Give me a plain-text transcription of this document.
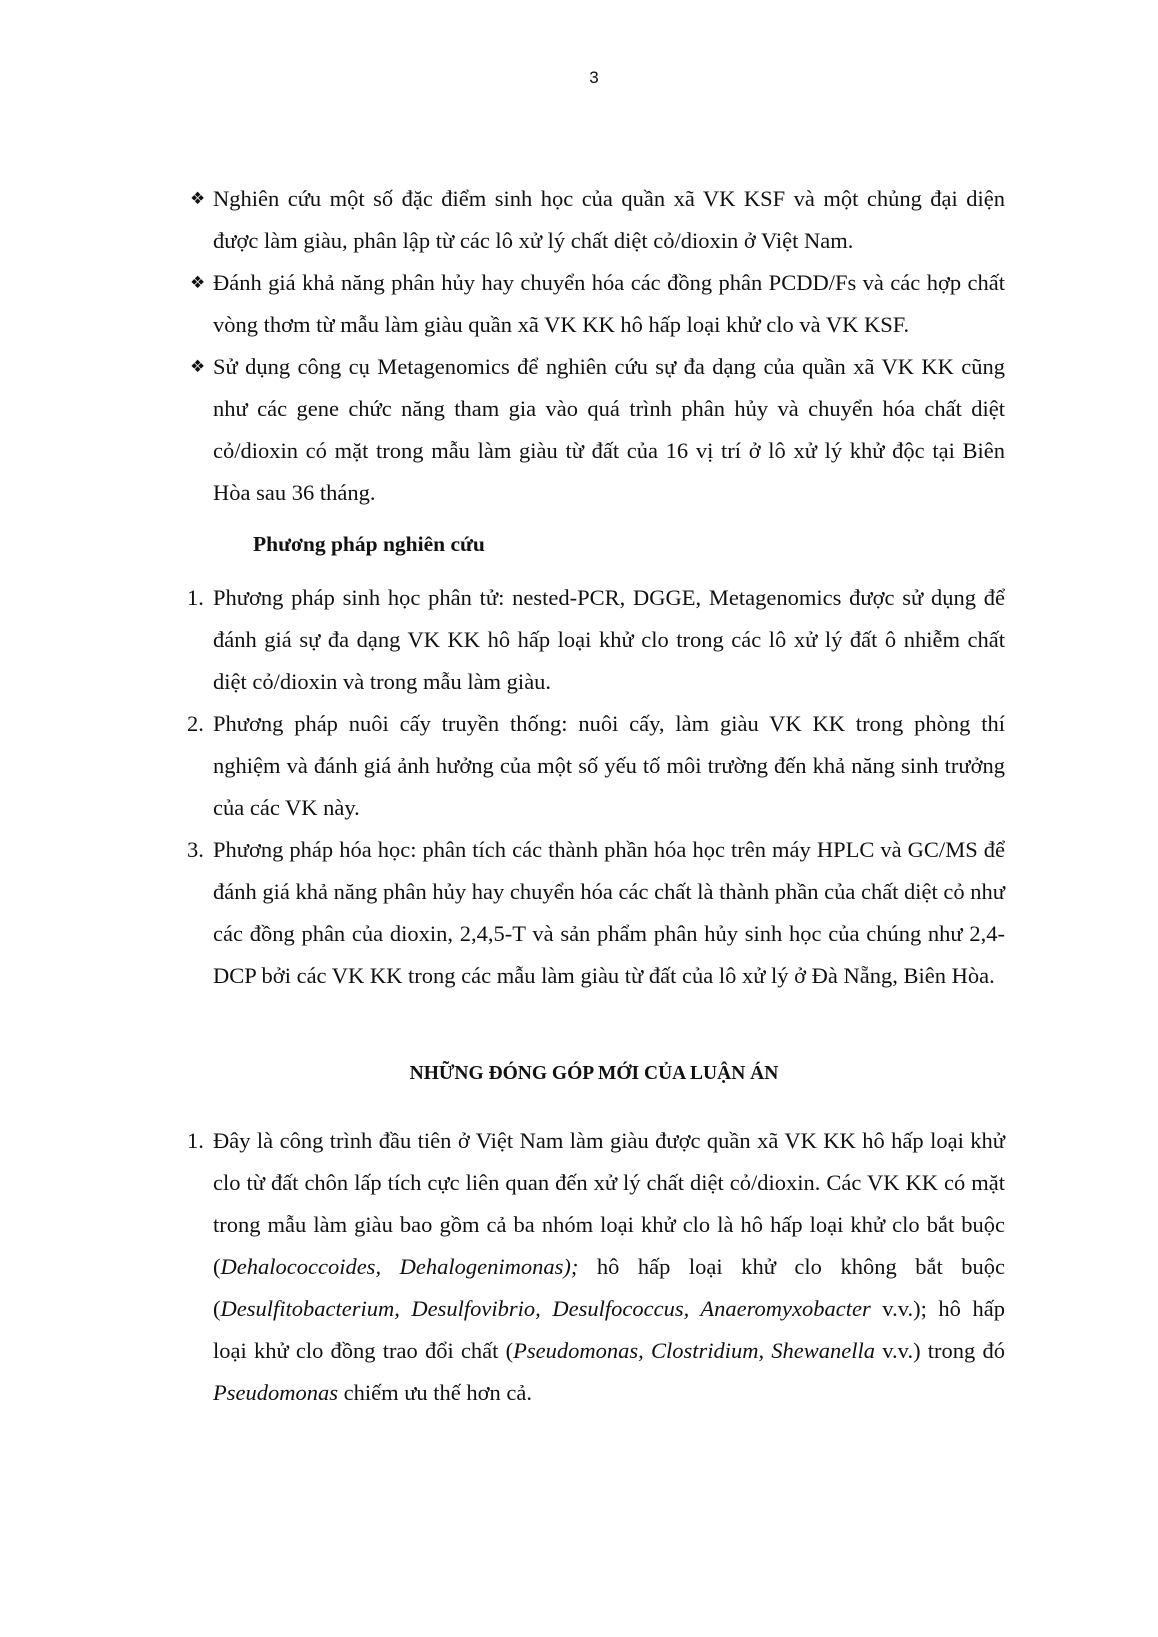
3
❖ Nghiên cứu một số đặc điểm sinh học của quần xã VK KSF và một chủng đại diện được làm giàu, phân lập từ các lô xử lý chất diệt cỏ/dioxin ở Việt Nam.
❖ Đánh giá khả năng phân hủy hay chuyển hóa các đồng phân PCDD/Fs và các hợp chất vòng thơm từ mẫu làm giàu quần xã VK KK hô hấp loại khử clo và VK KSF.
❖ Sử dụng công cụ Metagenomics để nghiên cứu sự đa dạng của quần xã VK KK cũng như các gene chức năng tham gia vào quá trình phân hủy và chuyển hóa chất diệt cỏ/dioxin có mặt trong mẫu làm giàu từ đất của 16 vị trí ở lô xử lý khử độc tại Biên Hòa sau 36 tháng.
Phương pháp nghiên cứu
1. Phương pháp sinh học phân tử: nested-PCR, DGGE, Metagenomics được sử dụng để đánh giá sự đa dạng VK KK hô hấp loại khử clo trong các lô xử lý đất ô nhiễm chất diệt cỏ/dioxin và trong mẫu làm giàu.
2. Phương pháp nuôi cấy truyền thống: nuôi cấy, làm giàu VK KK trong phòng thí nghiệm và đánh giá ảnh hưởng của một số yếu tố môi trường đến khả năng sinh trưởng của các VK này.
3. Phương pháp hóa học: phân tích các thành phần hóa học trên máy HPLC và GC/MS để đánh giá khả năng phân hủy hay chuyển hóa các chất là thành phần của chất diệt cỏ như các đồng phân của dioxin, 2,4,5-T và sản phẩm phân hủy sinh học của chúng như 2,4-DCP bởi các VK KK trong các mẫu làm giàu từ đất của lô xử lý ở Đà Nẵng, Biên Hòa.
NHỮNG ĐÓNG GÓP MỚI CỦA LUẬN ÁN
1. Đây là công trình đầu tiên ở Việt Nam làm giàu được quần xã VK KK hô hấp loại khử clo từ đất chôn lấp tích cực liên quan đến xử lý chất diệt cỏ/dioxin. Các VK KK có mặt trong mẫu làm giàu bao gồm cả ba nhóm loại khử clo là hô hấp loại khử clo bắt buộc (Dehalococcoides, Dehalogenimonas); hô hấp loại khử clo không bắt buộc (Desulfitobacterium, Desulfovibrio, Desulfococcus, Anaeromyxobacter v.v.); hô hấp loại khử clo đồng trao đổi chất (Pseudomonas, Clostridium, Shewanella v.v.) trong đó Pseudomonas chiếm ưu thế hơn cả.
